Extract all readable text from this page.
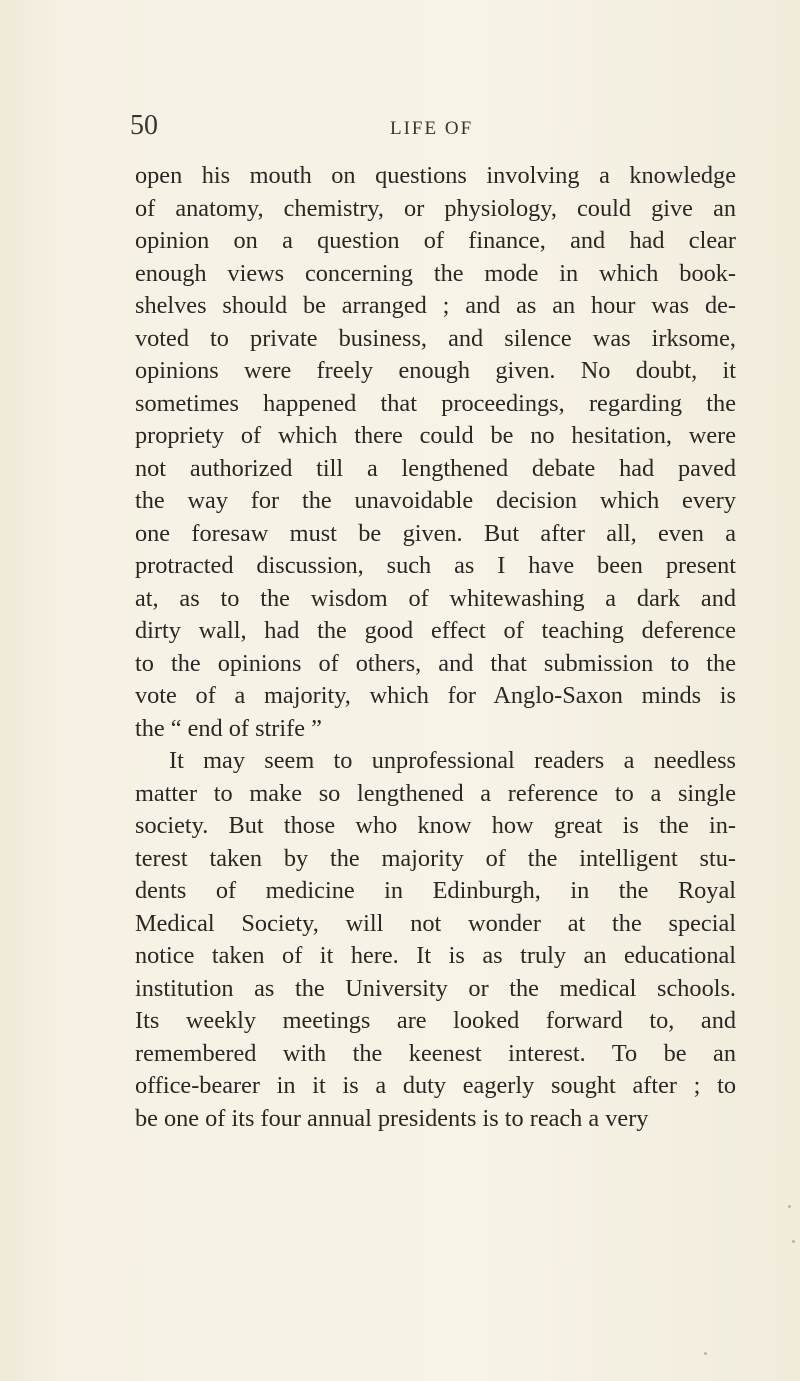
50	LIFE OF
open his mouth on questions involving a knowledge
of anatomy, chemistry, or physiology, could give an
opinion on a question of finance, and had clear
enough views concerning the mode in which book-
shelves should be arranged ; and as an hour was de-
voted to private business, and silence was irksome,
opinions were freely enough given. No doubt, it
sometimes happened that proceedings, regarding the
propriety of which there could be no hesitation, were
not authorized till a lengthened debate had paved
the way for the unavoidable decision which every
one foresaw must be given. But after all, even a
protracted discussion, such as I have been present
at, as to the wisdom of whitewashing a dark and
dirty wall, had the good effect of teaching deference
to the opinions of others, and that submission to the
vote of a majority, which for Anglo-Saxon minds is
the “ end of strife ”
It may seem to unprofessional readers a needless
matter to make so lengthened a reference to a single
society. But those who know how great is the in-
terest taken by the majority of the intelligent stu-
dents of medicine in Edinburgh, in the Royal
Medical Society, will not wonder at the special
notice taken of it here. It is as truly an educational
institution as the University or the medical schools.
Its weekly meetings are looked forward to, and
remembered with the keenest interest. To be an
office-bearer in it is a duty eagerly sought after ; to
be one of its four annual presidents is to reach a very
